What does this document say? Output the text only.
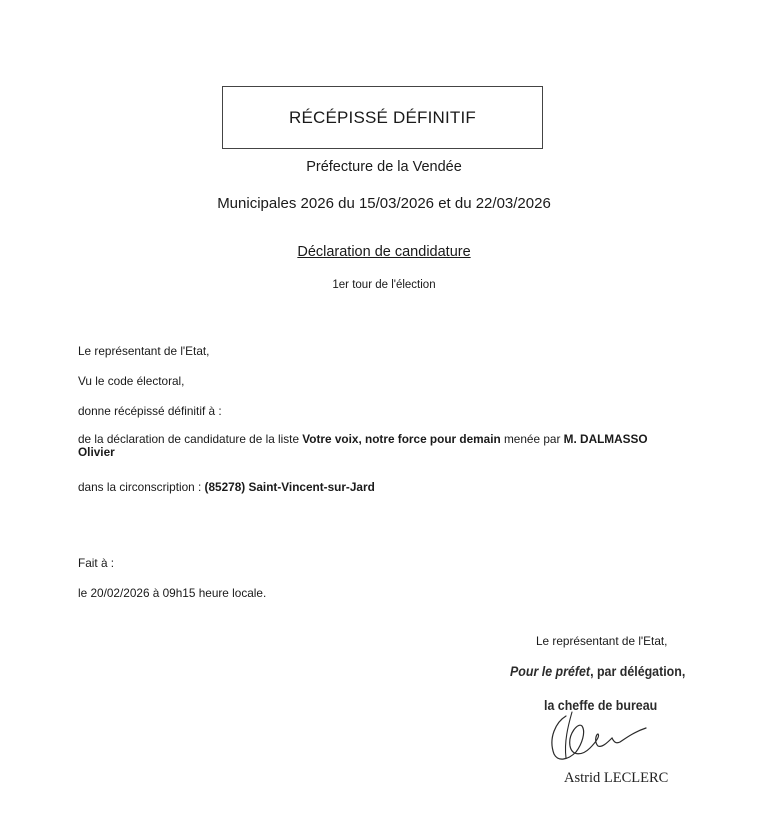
RÉCÉPISSÉ DÉFINITIF
Préfecture de la Vendée
Municipales 2026 du 15/03/2026 et du 22/03/2026
Déclaration de candidature
1er tour de l'élection
Le représentant de l'Etat,
Vu le code électoral,
donne récépissé définitif à :
de la déclaration de candidature de la liste Votre voix, notre force pour demain menée par M. DALMASSO Olivier
dans la circonscription : (85278) Saint-Vincent-sur-Jard
Fait à :
le 20/02/2026 à 09h15 heure locale.
Le représentant de l'Etat,
Pour le préfet, par délégation,
la cheffe de bureau
Astrid LECLERC
